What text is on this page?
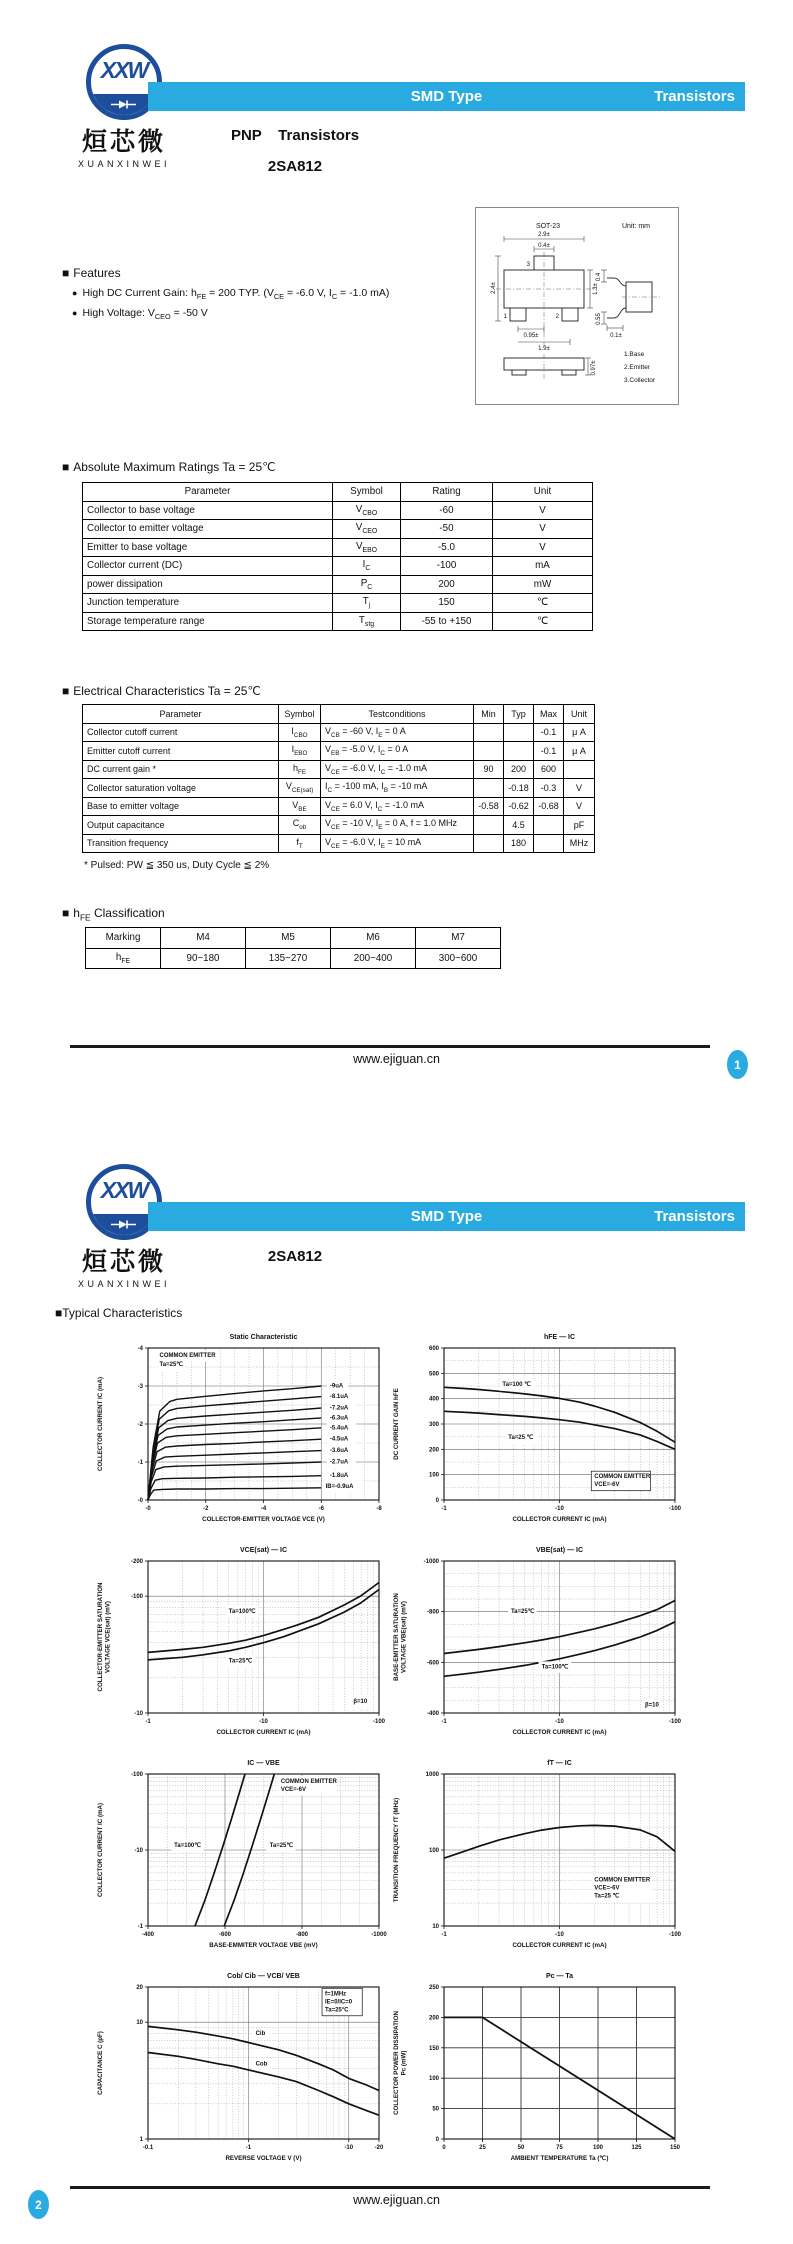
XXW
烜芯微
XUANXINWEI
SMD Type	Transistors
PNP    Transistors
2SA812
SOT-23	Unit: mm
2.9±
0.4±
3
1	2
2.4±	1.3±
0.95±
1.9±
0.97±
0.4
0.55
0.1±
1.Base
2.Emitter
3.Collector
■ Features
● High DC Current Gain: $h_{FE} = 200$ TYP. ($V_{CE} = -6.0$ V, $I_C = -1.0$ mA)
● High Voltage: $V_{CEO} = -50$ V
■ Absolute Maximum Ratings Ta = 25℃
Parameter	Symbol	Rating	Unit
Collector to base voltage	$V_{CBO}$	-60	V
Collector to emitter voltage	$V_{CEO}$	-50	V
Emitter to base voltage	$V_{EBO}$	-5.0	V
Collector current (DC)	$I_C$	-100	mA
power dissipation	$P_C$	200	mW
Junction temperature	$T_j$	150	℃
Storage temperature range	$T_{stg}$	-55 to +150	℃
■ Electrical Characteristics Ta = 25℃
Parameter	Symbol	Testconditions	Min	Typ	Max	Unit
Collector cutoff current	$I_{CBO}$	$V_{CB} = -60$ V, $I_E = 0$ A			-0.1	μ A
Emitter cutoff current	$I_{EBO}$	$V_{EB} = -5.0$ V, $I_C = 0$ A			-0.1	μ A
DC current gain *	$h_{FE}$	$V_{CE} = -6.0$ V, $I_C = -1.0$ mA	90	200	600	
Collector saturation voltage	$V_{CE(sat)}$	$I_C = -100$ mA, $I_B = -10$ mA		-0.18	-0.3	V
Base to emitter voltage	$V_{BE}$	$V_{CE} = 6.0$ V, $I_C = -1.0$ mA	-0.58	-0.62	-0.68	V
Output capacitance	$C_{ob}$	$V_{CE} = -10$ V, $I_E = 0$ A, f = 1.0 MHz		4.5		pF
Transition frequency	$f_T$	$V_{CE} = -6.0$ V, $I_E = 10$ mA		180		MHz
* Pulsed: PW ≦ 350 us, Duty Cycle ≦ 2%
■ $h_{FE}$ Classification
Marking	M4	M5	M6	M7
$h_{FE}$	90~180	135~270	200~400	300~600
www.ejiguan.cn	1
XXW
烜芯微
XUANXINWEI
SMD Type	Transistors
2SA812
■Typical Characteristics
COMMON EMITTER
Ta=25℃
-9uA
-8.1uA
-7.2uA
-6.3uA
-5.4uA
-4.5uA
-3.6uA
-2.7uA
-1.8uA
IB=-0.9uA
-0	-2	-4	-6	-8
-0
-1
-2
-3
-4
Static Characteristic
COLLECTOR-EMITTER VOLTAGE VCE (V)
COLLECTOR CURRENT IC (mA)	Ta=100 ℃
Ta=25 ℃
COMMON EMITTER
VCE=-6V
-1	-10	-100
0
100
200
300
400
500
600
hFE — IC
COLLECTOR CURRENT IC (mA)
DC CURRENT GAIN hFE
Ta=100℃
Ta=25℃
β=10
-1	-10	-100
-10
-100
-200
VCE(sat) — IC
COLLECTOR CURRENT IC (mA)
COLLECTOR-EMITTER SATURATION VOLTAGE VCE(sat) (mV)	Ta=25℃
Ta=100℃
β=10
-1	-10	-100
-400
-600
-800
-1000
VBE(sat) — IC
COLLECTOR CURRENT IC (mA)
BASE-EMITTER SATURATION VOLTAGE VBE(sat) (mV)
COMMON EMITTER
VCE=-6V
Ta=100℃	Ta=25℃
-400	-600	-800	-1000
-1
-10
-100
IC — VBE
BASE-EMMITER VOLTAGE VBE (mV)
COLLECTOR CURRENT IC (mA)	COMMON EMITTER
VCE=-6V
Ta=25 ℃
-1	-10	-100
10
100
1000
fT — IC
COLLECTOR CURRENT IC (mA)
TRANSITION FREQUENCY fT (MHz)
f=1MHz
IE=0/IC=0
Ta=25°C
Cib
Cob
-0.1	-1	-10	-20
1
10
20
Cob/ Cib — VCB/ VEB
REVERSE VOLTAGE V (V)
CAPACITANCE C (pF)
0	25	50	75	100	125	150
0
50
100
150
200
250
Pc — Ta
AMBIENT TEMPERATURE Ta (℃)
COLLECTOR POWER DISSIPATION Pc (mW)
www.ejiguan.cn
2
